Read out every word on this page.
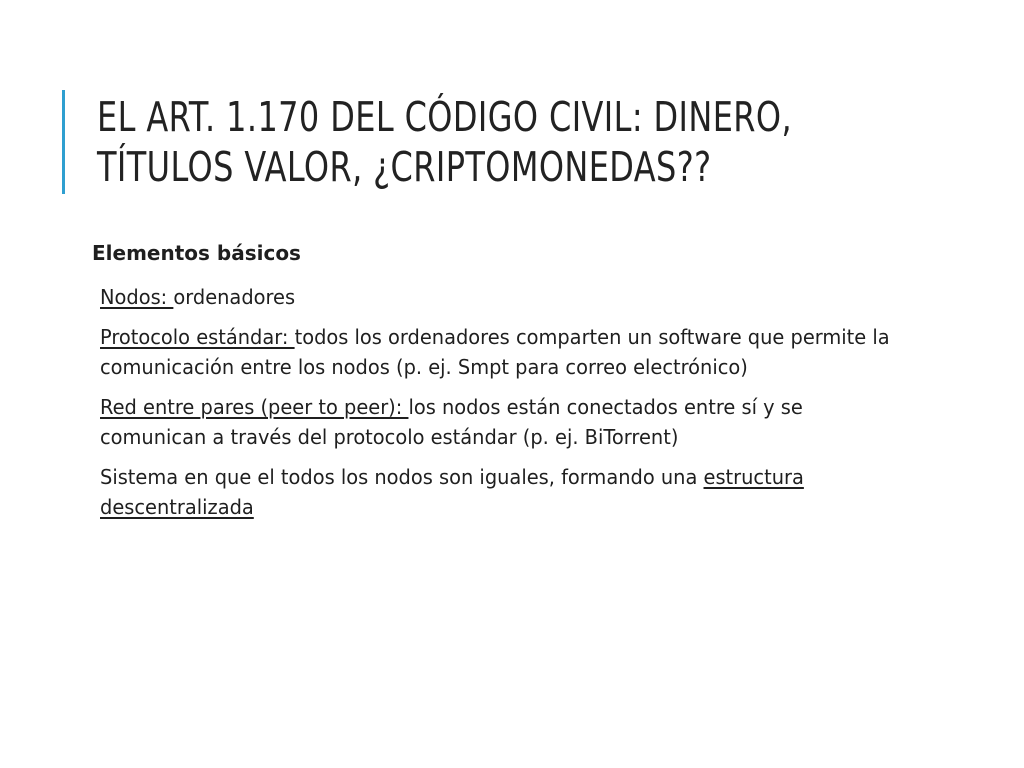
EL ART. 1.170 DEL CÓDIGO CIVIL: DINERO,
TÍTULOS VALOR, ¿CRIPTOMONEDAS??
Elementos básicos

Nodos: ordenadores

Protocolo estándar: todos los ordenadores comparten un software que permite la comunicación entre los nodos (p. ej. Smpt para correo electrónico)

Red entre pares (peer to peer): los nodos están conectados entre sí y se comunican a través del protocolo estándar (p. ej. BiTorrent)

Sistema en que el todos los nodos son iguales, formando una estructura descentralizada
